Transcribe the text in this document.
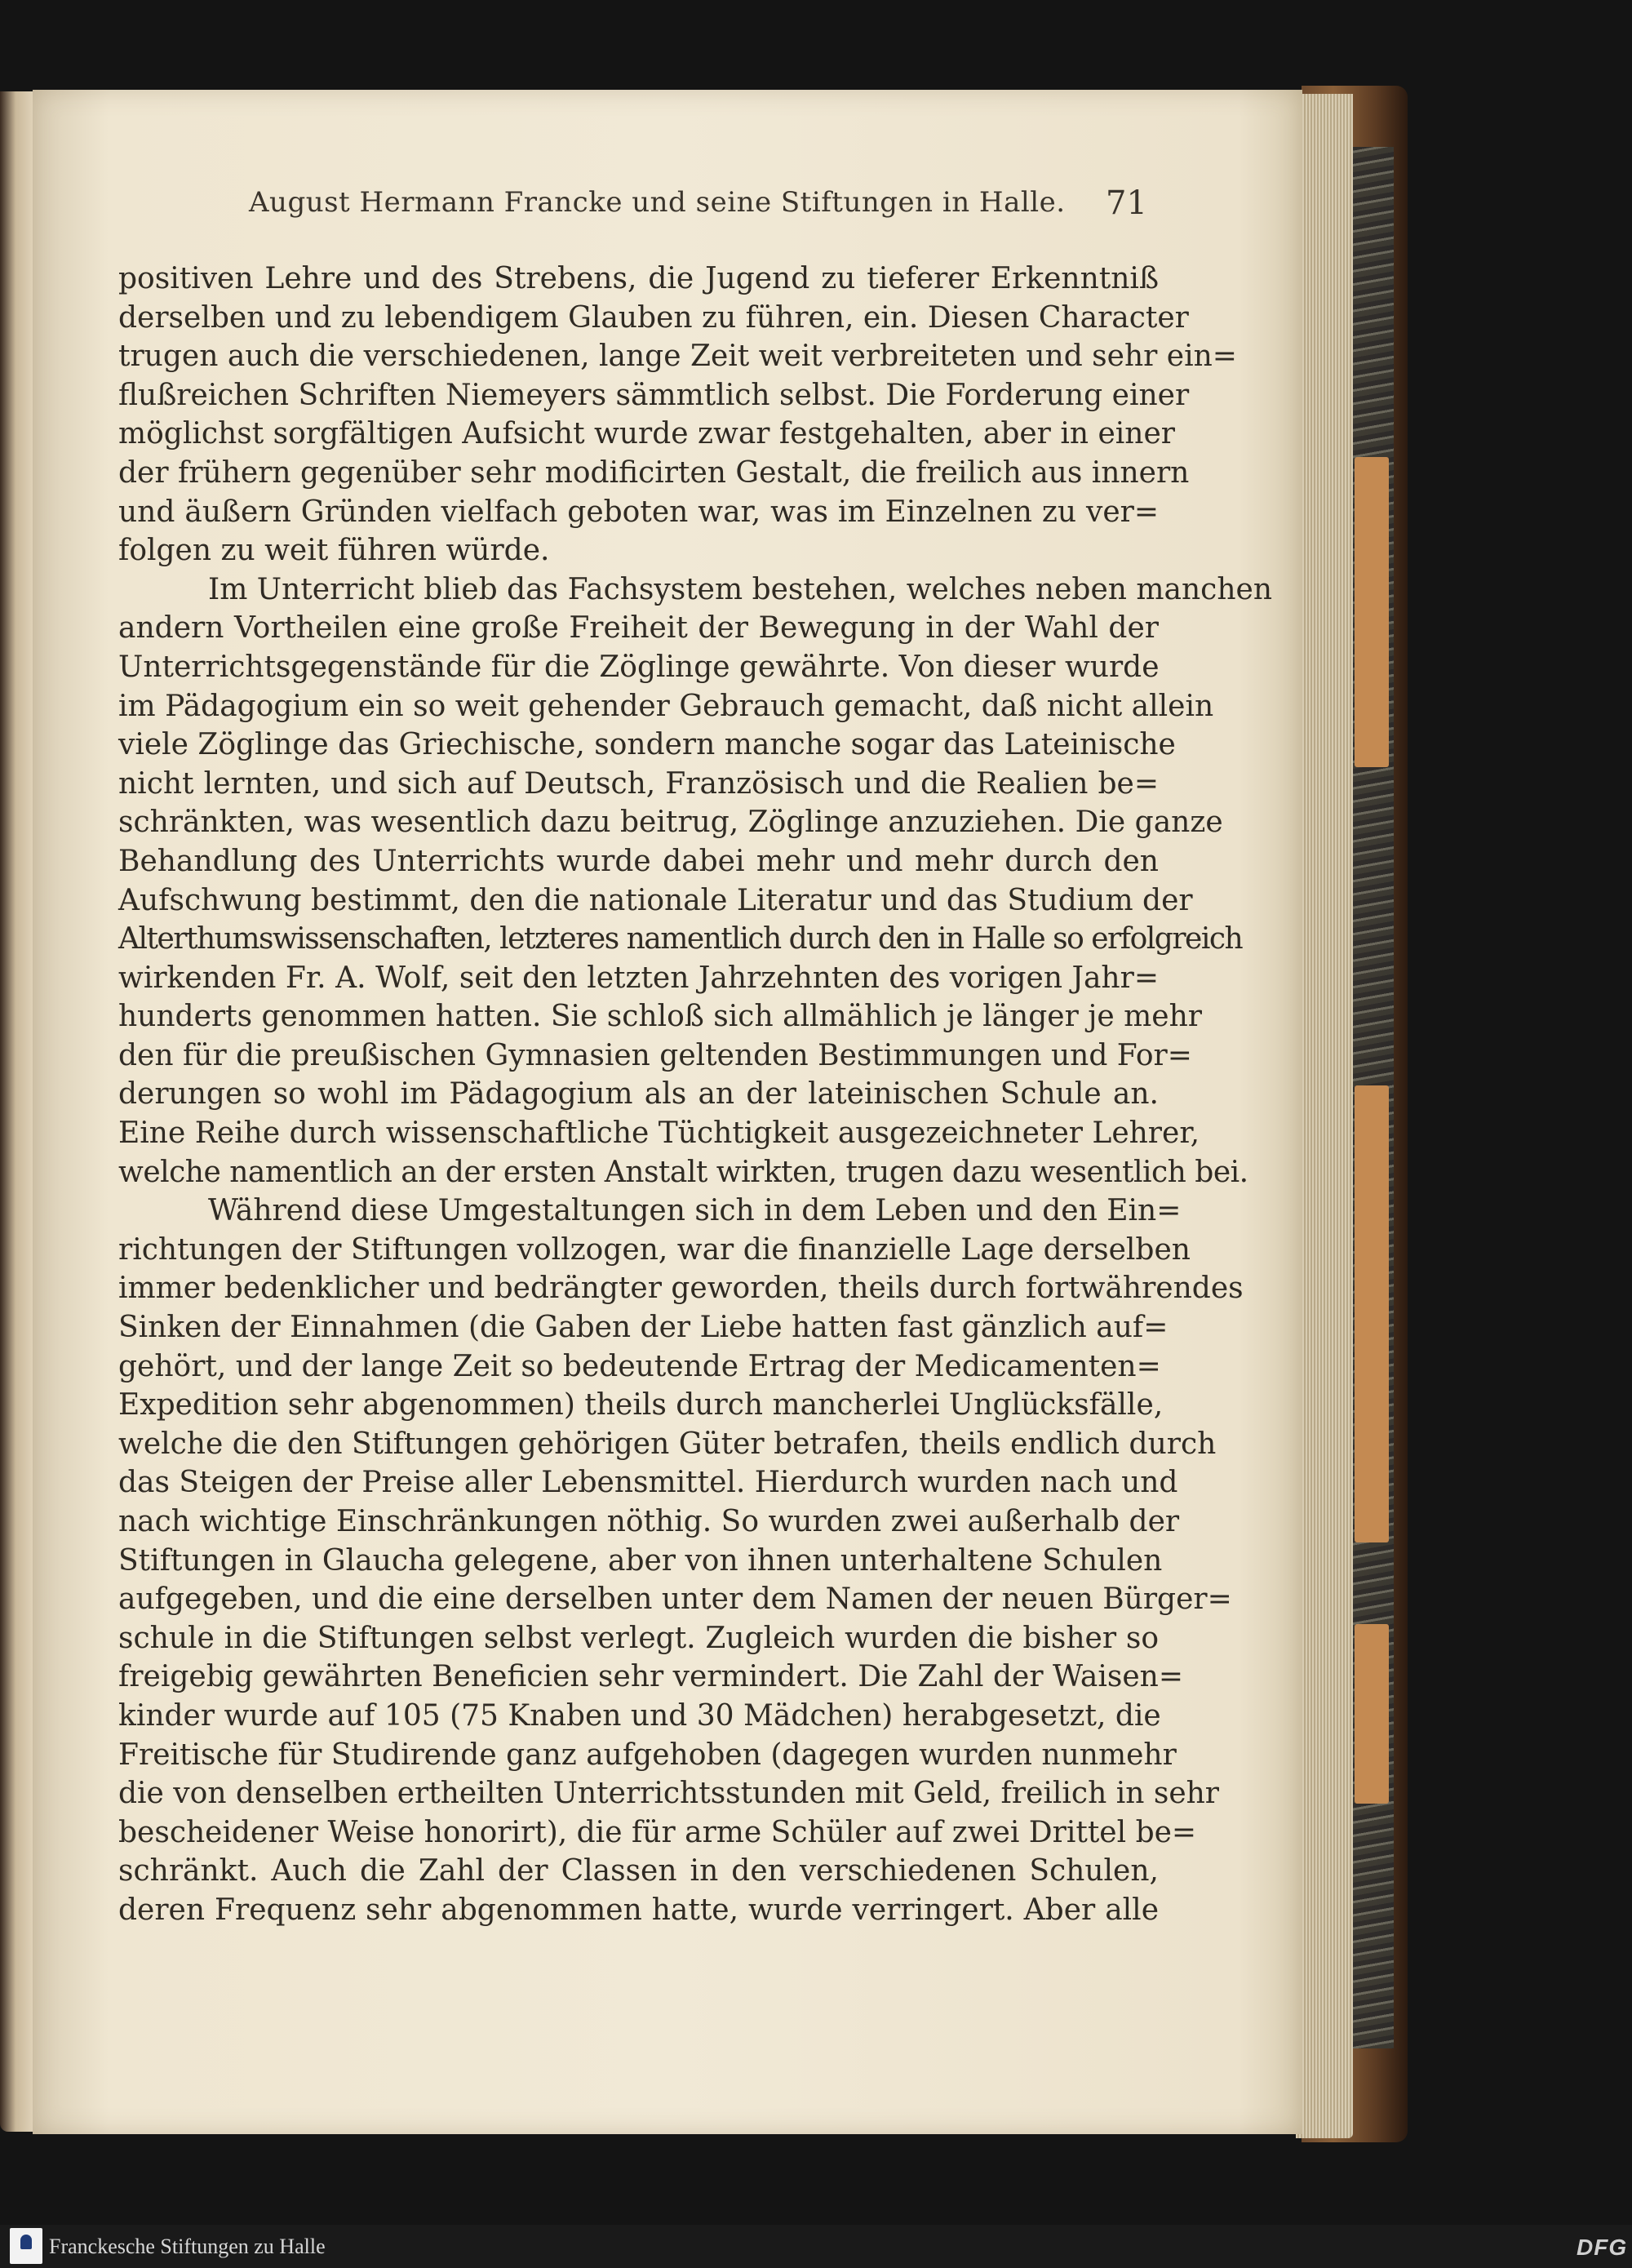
August Hermann Francke und seine Stiftungen in Halle. 71
positiven Lehre und des Strebens, die Jugend zu tieferer Erkenntniß
derselben und zu lebendigem Glauben zu führen, ein. Diesen Character
trugen auch die verschiedenen, lange Zeit weit verbreiteten und sehr ein=
flußreichen Schriften Niemeyers sämmtlich selbst. Die Forderung einer
möglichst sorgfältigen Aufsicht wurde zwar festgehalten, aber in einer
der frühern gegenüber sehr modificirten Gestalt, die freilich aus innern
und äußern Gründen vielfach geboten war, was im Einzelnen zu ver=
folgen zu weit führen würde.
Im Unterricht blieb das Fachsystem bestehen, welches neben manchen
andern Vortheilen eine große Freiheit der Bewegung in der Wahl der
Unterrichtsgegenstände für die Zöglinge gewährte. Von dieser wurde
im Pädagogium ein so weit gehender Gebrauch gemacht, daß nicht allein
viele Zöglinge das Griechische, sondern manche sogar das Lateinische
nicht lernten, und sich auf Deutsch, Französisch und die Realien be=
schränkten, was wesentlich dazu beitrug, Zöglinge anzuziehen. Die ganze
Behandlung des Unterrichts wurde dabei mehr und mehr durch den
Aufschwung bestimmt, den die nationale Literatur und das Studium der
Alterthumswissenschaften, letzteres namentlich durch den in Halle so erfolgreich
wirkenden Fr. A. Wolf, seit den letzten Jahrzehnten des vorigen Jahr=
hunderts genommen hatten. Sie schloß sich allmählich je länger je mehr
den für die preußischen Gymnasien geltenden Bestimmungen und For=
derungen so wohl im Pädagogium als an der lateinischen Schule an.
Eine Reihe durch wissenschaftliche Tüchtigkeit ausgezeichneter Lehrer,
welche namentlich an der ersten Anstalt wirkten, trugen dazu wesentlich bei.
Während diese Umgestaltungen sich in dem Leben und den Ein=
richtungen der Stiftungen vollzogen, war die finanzielle Lage derselben
immer bedenklicher und bedrängter geworden, theils durch fortwährendes
Sinken der Einnahmen (die Gaben der Liebe hatten fast gänzlich auf=
gehört, und der lange Zeit so bedeutende Ertrag der Medicamenten=
Expedition sehr abgenommen) theils durch mancherlei Unglücksfälle,
welche die den Stiftungen gehörigen Güter betrafen, theils endlich durch
das Steigen der Preise aller Lebensmittel. Hierdurch wurden nach und
nach wichtige Einschränkungen nöthig. So wurden zwei außerhalb der
Stiftungen in Glaucha gelegene, aber von ihnen unterhaltene Schulen
aufgegeben, und die eine derselben unter dem Namen der neuen Bürger=
schule in die Stiftungen selbst verlegt. Zugleich wurden die bisher so
freigebig gewährten Beneficien sehr vermindert. Die Zahl der Waisen=
kinder wurde auf 105 (75 Knaben und 30 Mädchen) herabgesetzt, die
Freitische für Studirende ganz aufgehoben (dagegen wurden nunmehr
die von denselben ertheilten Unterrichtsstunden mit Geld, freilich in sehr
bescheidener Weise honorirt), die für arme Schüler auf zwei Drittel be=
schränkt. Auch die Zahl der Classen in den verschiedenen Schulen,
deren Frequenz sehr abgenommen hatte, wurde verringert. Aber alle
Franckesche Stiftungen zu Halle	DFG
